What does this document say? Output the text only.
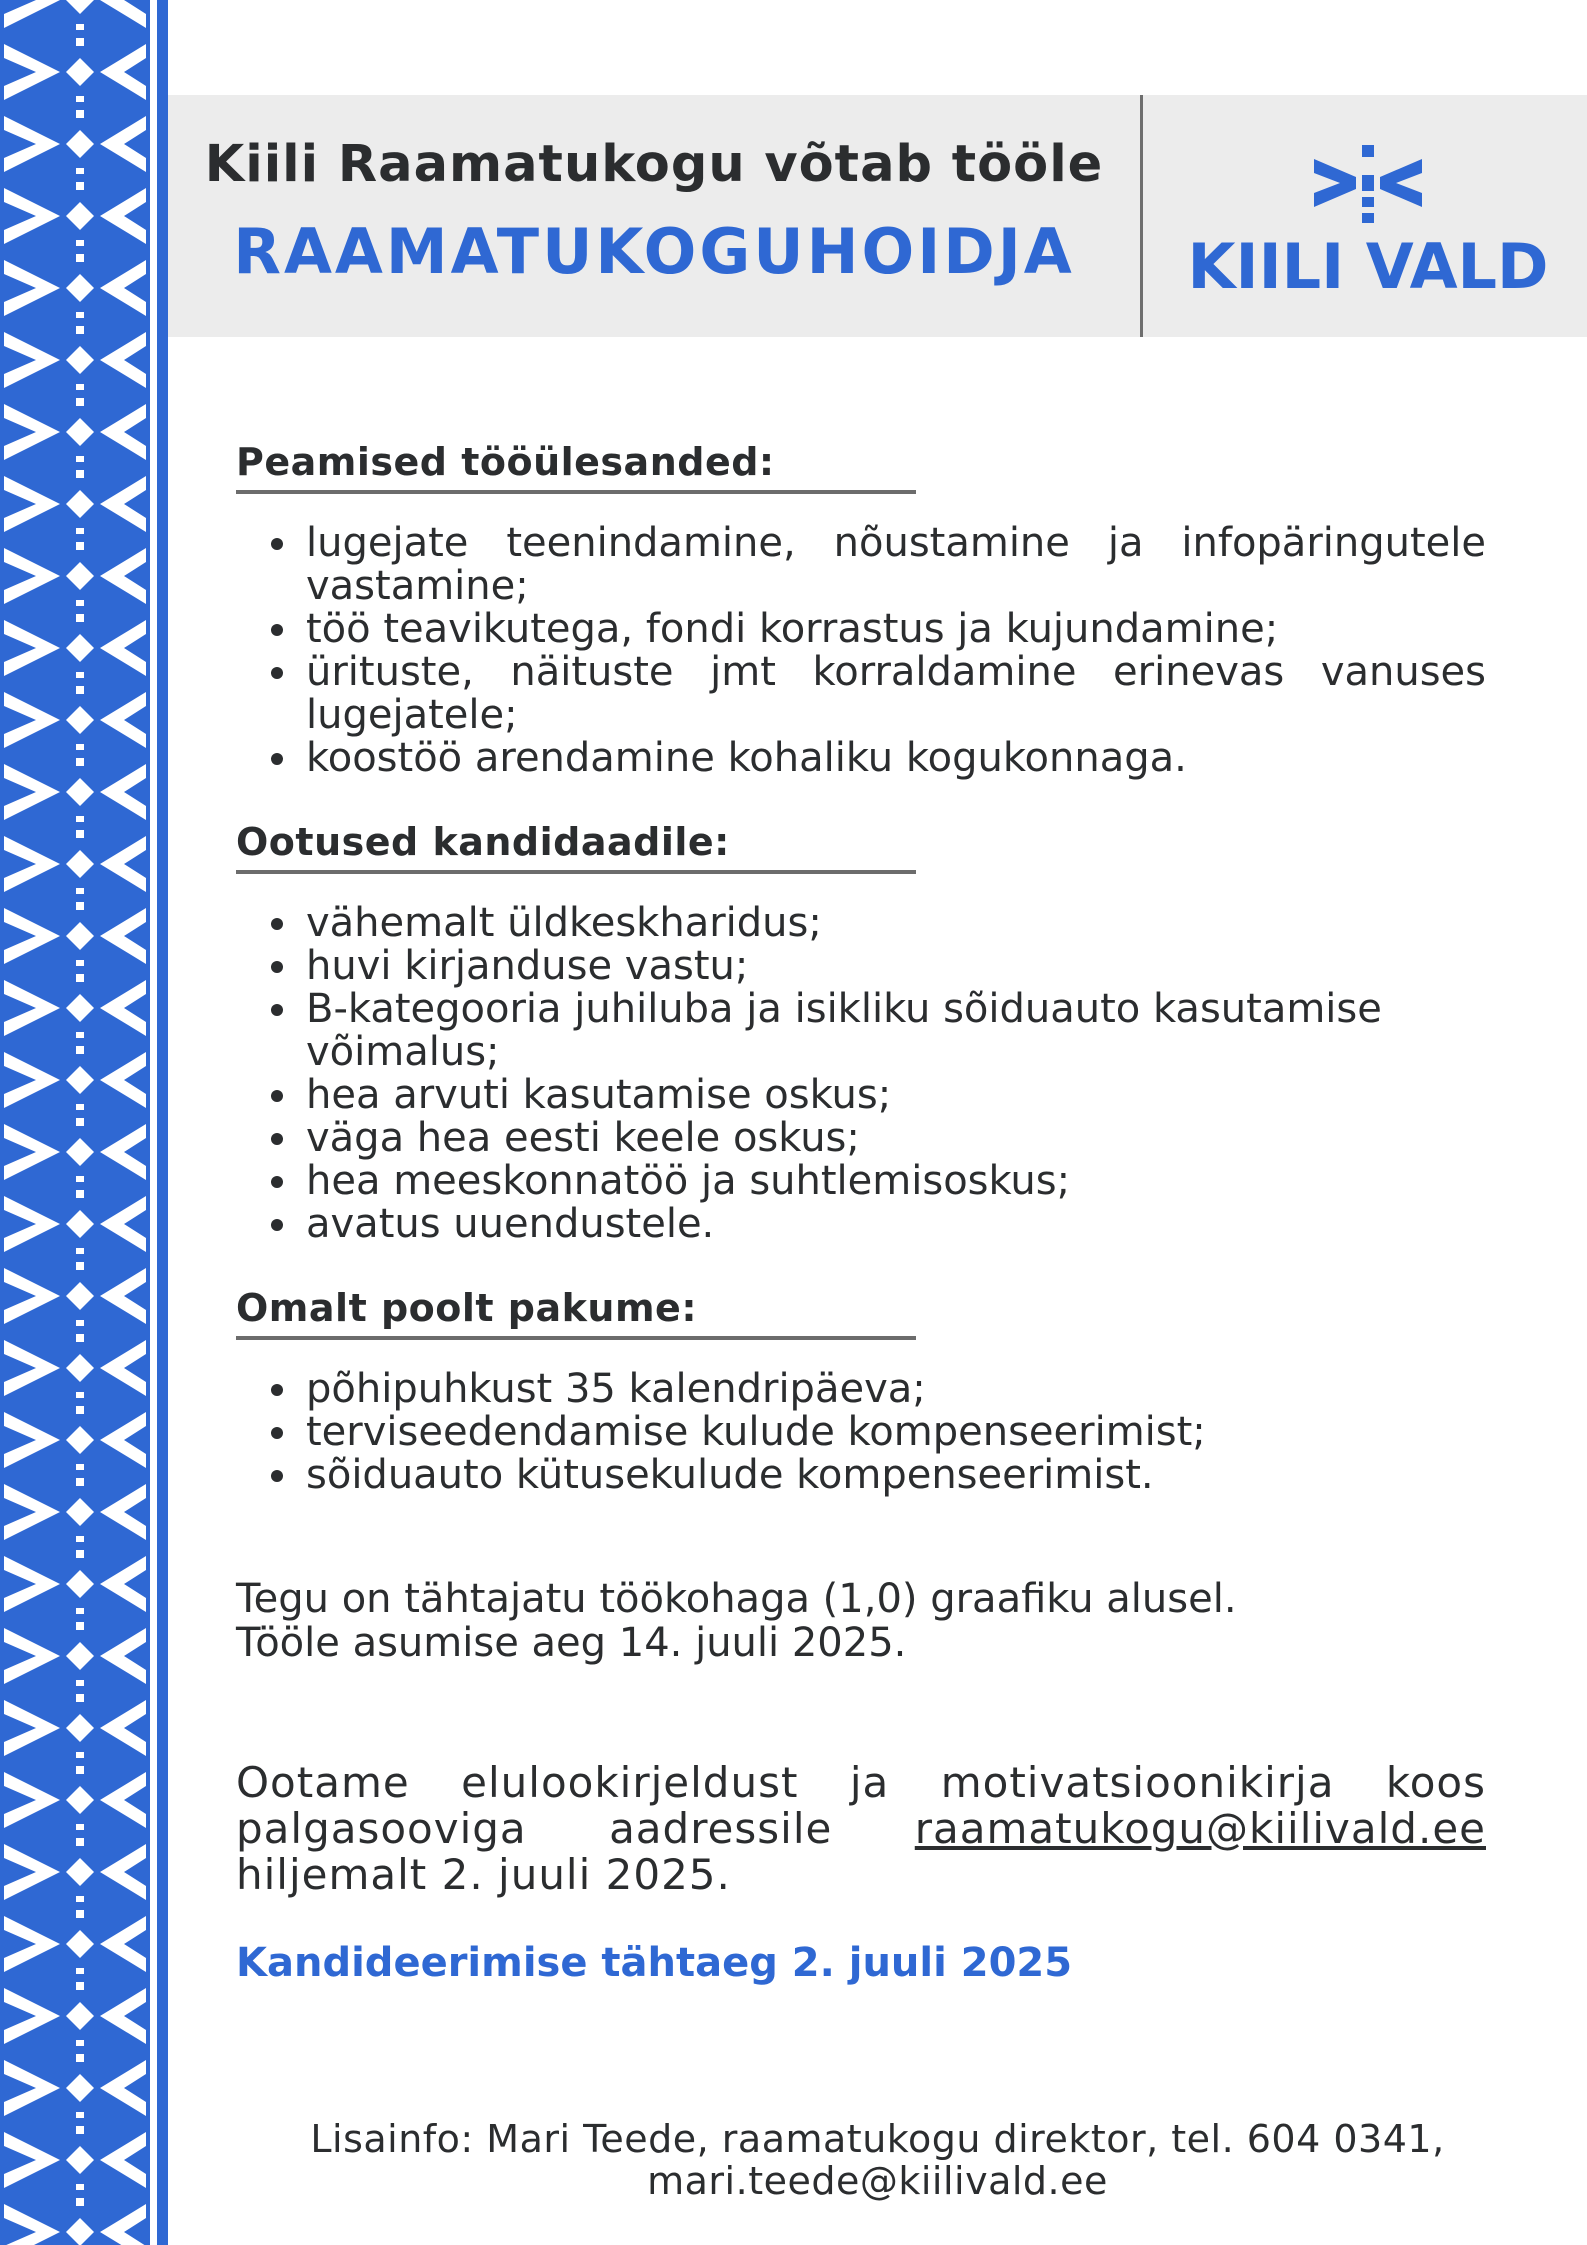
Kiili Raamatukogu võtab tööle
RAAMATUKOGUHOIDJA	KIILI VALD
Peamised tööülesanded:
lugejate teenindamine, nõustamine ja infopäringutele vastamine;
töö teavikutega, fondi korrastus ja kujundamine;
ürituste, näituste jmt korraldamine erinevas vanuses lugejatele;
koostöö arendamine kohaliku kogukonnaga.
Ootused kandidaadile:
vähemalt üldkeskharidus;
huvi kirjanduse vastu;
B-kategooria juhiluba ja isikliku sõiduauto kasutamise võimalus;
hea arvuti kasutamise oskus;
väga hea eesti keele oskus;
hea meeskonnatöö ja suhtlemisoskus;
avatus uuendustele.
Omalt poolt pakume:
põhipuhkust 35 kalendripäeva;
terviseedendamise kulude kompenseerimist;
sõiduauto kütusekulude kompenseerimist.
Tegu on tähtajatu töökohaga (1,0) graafiku alusel.
Tööle asumise aeg 14. juuli 2025.
Ootame elulookirjeldust ja motivatsioonikirja koos palgasooviga aadressile raamatukogu@kiilivald.ee hiljemalt 2. juuli 2025.
Kandideerimise tähtaeg 2. juuli 2025
Lisainfo: Mari Teede, raamatukogu direktor, tel. 604 0341,
mari.teede@kiilivald.ee
